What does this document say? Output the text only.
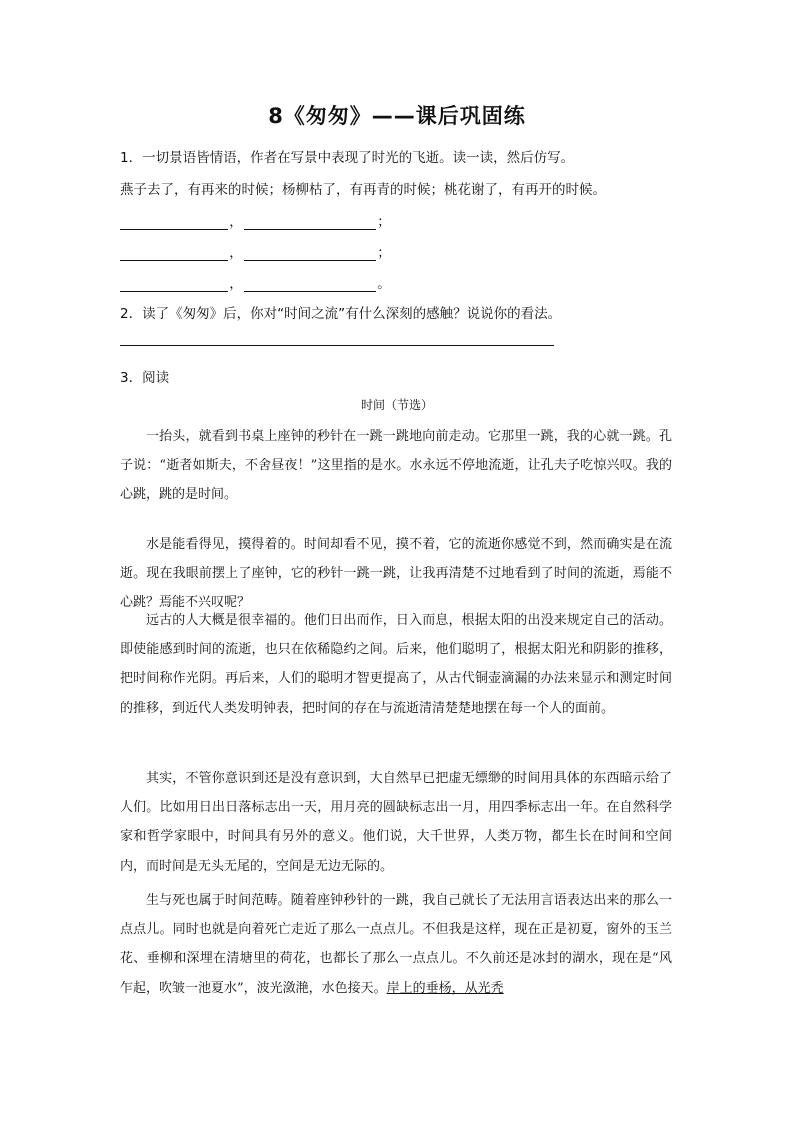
8《匆匆》——课后巩固练
1．一切景语皆情语，作者在写景中表现了时光的飞逝。读一读，然后仿写。
燕子去了，有再来的时候；杨柳枯了，有再青的时候；桃花谢了，有再开的时候。
，	；
，	；
，	。
2．读了《匆匆》后，你对“时间之流”有什么深刻的感触？说说你的看法。
3．阅读
时间（节选）

一抬头，就看到书桌上座钟的秒针在一跳一跳地向前走动。它那里一跳，我的心就一跳。孔子说：“逝者如斯夫，不舍昼夜！”这里指的是水。水永远不停地流逝，让孔夫子吃惊兴叹。我的心跳，跳的是时间。

水是能看得见，摸得着的。时间却看不见，摸不着，它的流逝你感觉不到，然而确实是在流逝。现在我眼前摆上了座钟，它的秒针一跳一跳，让我再清楚不过地看到了时间的流逝，焉能不心跳？焉能不兴叹呢？

远古的人大概是很幸福的。他们日出而作，日入而息，根据太阳的出没来规定自己的活动。即使能感到时间的流逝，也只在依稀隐约之间。后来，他们聪明了，根据太阳光和阴影的推移，把时间称作光阴。再后来，人们的聪明才智更提高了，从古代铜壶滴漏的办法来显示和测定时间的推移，到近代人类发明钟表，把时间的存在与流逝清清楚楚地摆在每一个人的面前。

其实，不管你意识到还是没有意识到，大自然早已把虚无缥缈的时间用具体的东西暗示给了人们。比如用日出日落标志出一天，用月亮的圆缺标志出一月，用四季标志出一年。在自然科学家和哲学家眼中，时间具有另外的意义。他们说，大千世界，人类万物，都生长在时间和空间内，而时间是无头无尾的，空间是无边无际的。

生与死也属于时间范畴。随着座钟秒针的一跳，我自己就长了无法用言语表达出来的那么一点点儿。同时也就是向着死亡走近了那么一点点儿。不但我是这样，现在正是初夏，窗外的玉兰花、垂柳和深埋在清塘里的荷花，也都长了那么一点点儿。不久前还是冰封的湖水，现在是“风乍起，吹皱一池夏水”，波光潋滟，水色接天。岸上的垂杨，从光秃
